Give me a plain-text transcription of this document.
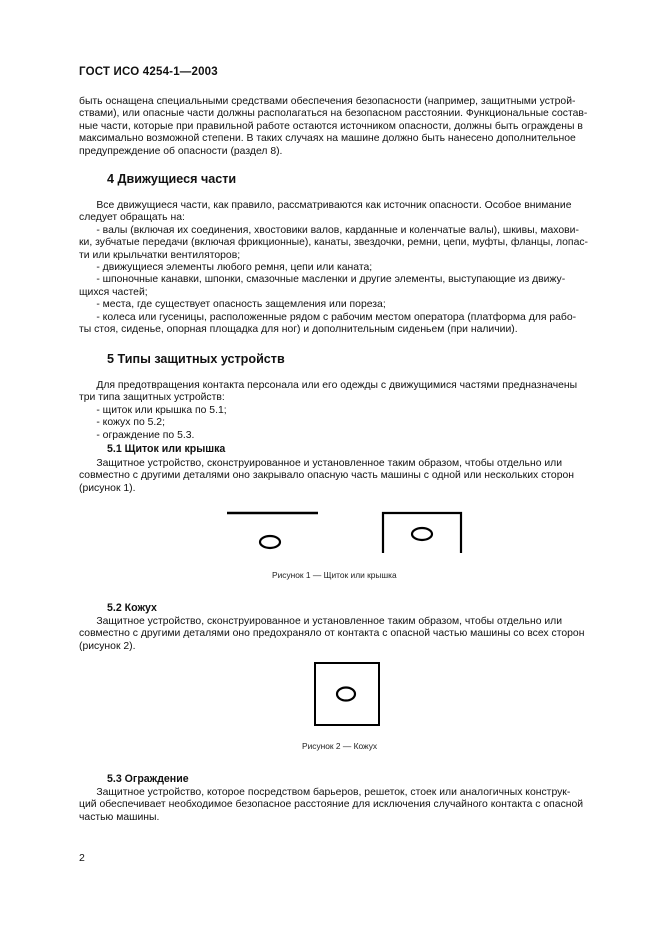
ГОСТ ИСО 4254-1—2003
быть оснащена специальными средствами обеспечения безопасности (например, защитными устрой-
ствами), или опасные части должны располагаться на безопасном расстоянии. Функциональные состав-
ные части, которые при правильной работе остаются источником опасности, должны быть ограждены в
максимально возможной степени. В таких случаях на машине должно быть нанесено дополнительное
предупреждение об опасности (раздел 8).
4 Движущиеся части
Все движущиеся части, как правило, рассматриваются как источник опасности. Особое внимание
следует обращать на:
- валы (включая их соединения, хвостовики валов, карданные и коленчатые валы), шкивы, махови-
ки, зубчатые передачи (включая фрикционные), канаты, звездочки, ремни, цепи, муфты, фланцы, лопас-
ти или крыльчатки вентиляторов;
- движущиеся элементы любого ремня, цепи или каната;
- шпоночные канавки, шпонки, смазочные масленки и другие элементы, выступающие из движу-
щихся частей;
- места, где существует опасность защемления или пореза;
- колеса или гусеницы, расположенные рядом с рабочим местом оператора (платформа для рабо-
ты стоя, сиденье, опорная площадка для ног) и дополнительным сиденьем (при наличии).
5 Типы защитных устройств
Для предотвращения контакта персонала или его одежды с движущимися частями предназначены
три типа защитных устройств:
- щиток или крышка по 5.1;
- кожух по 5.2;
- ограждение по 5.3.
5.1 Щиток или крышка
Защитное устройство, сконструированное и установленное таким образом, чтобы отдельно или
совместно с другими деталями оно закрывало опасную часть машины с одной или нескольких сторон
(рисунок 1).
Рисунок 1 — Щиток или крышка
5.2 Кожух
Защитное устройство, сконструированное и установленное таким образом, чтобы отдельно или
совместно с другими деталями оно предохраняло от контакта с опасной частью машины со всех сторон
(рисунок 2).
Рисунок 2 — Кожух
5.3 Ограждение
Защитное устройство, которое посредством барьеров, решеток, стоек или аналогичных конструк-
ций обеспечивает необходимое безопасное расстояние для исключения случайного контакта с опасной
частью машины.
2
